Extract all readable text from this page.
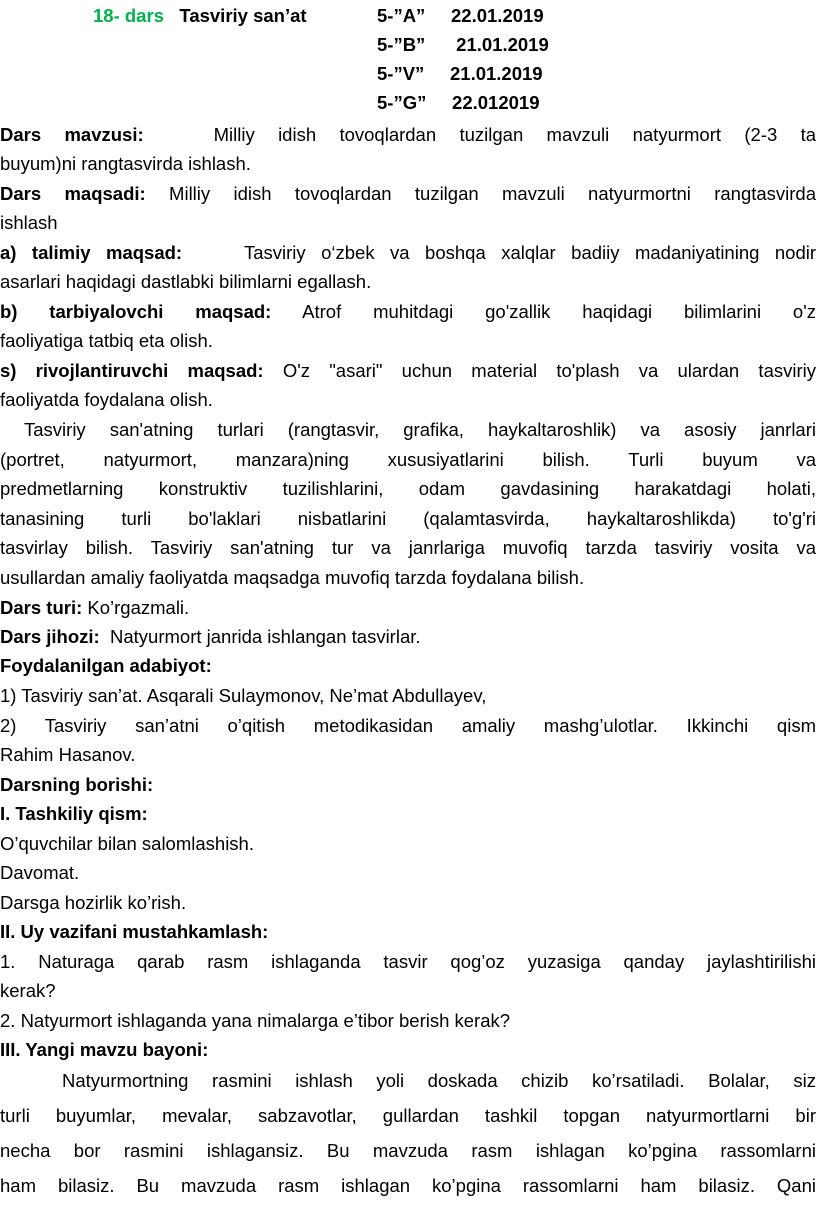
18- dars Tasviriy san’at	5-”A” 22.01.2019
5-”B” 21.01.2019
5-”V” 21.01.2019
5-”G” 22.012019
Dars mavzusi:	Milliy idish tovoqlardan tuzilgan mavzuli natyurmort (2-3 ta
buyum)ni rangtasvirda ishlash.
Dars maqsadi: Milliy idish tovoqlardan tuzilgan mavzuli natyurmortni rangtasvirda
ishlash
a) talimiy maqsad:	Tasviriy o‘zbek va boshqa xalqlar badiiy madaniyatining nodir
asarlari haqidagi dastlabki bilimlarni egallash.
b) tarbiyalovchi maqsad: Atrof muhitdagi go'zallik haqidagi bilimlarini o'z
faoliyatiga tatbiq eta olish.
s) rivojlantiruvchi maqsad: O'z "asari" uchun material to'plash va ulardan tasviriy
faoliyatda foydalana olish.
Tasviriy san'atning turlari (rangtasvir, grafika, haykaltaroshlik) va asosiy janrlari
(portret, natyurmort, manzara)ning xususiyatlarini bilish. Turli buyum va
predmetlarning konstruktiv tuzilishlarini, odam gavdasining harakatdagi holati,
tanasining turli bo'laklari nisbatlarini (qalamtasvirda, haykaltaroshlikda) to'g'ri
tasvirlay bilish. Tasviriy san'atning tur va janrlariga muvofiq tarzda tasviriy vosita va
usullardan amaliy faoliyatda maqsadga muvofiq tarzda foydalana bilish.
Dars turi: Ko’rgazmali.
Dars jihozi: Natyurmort janrida ishlangan tasvirlar.
Foydalanilgan adabiyot:
1) Tasviriy san’at. Asqarali Sulaymonov, Ne’mat Abdullayev,
2) Tasviriy san’atni o’qitish metodikasidan amaliy mashg’ulotlar. Ikkinchi qism
Rahim Hasanov.
Darsning borishi:
I. Tashkiliy qism:
O’quvchilar bilan salomlashish.
Davomat.
Darsga hozirlik ko’rish.
II. Uy vazifani mustahkamlash:
1. Naturaga qarab rasm ishlaganda tasvir qog’oz yuzasiga qanday jaylashtirilishi
kerak?
2. Natyurmort ishlaganda yana nimalarga e’tibor berish kerak?
III. Yangi mavzu bayoni:
Natyurmortning rasmini ishlash yoli doskada chizib ko’rsatiladi. Bolalar, siz
turli buyumlar, mevalar, sabzavotlar, gullardan tashkil topgan natyurmortlarni bir
necha bor rasmini ishlagansiz. Bu mavzuda rasm ishlagan ko’pgina rassomlarni
ham bilasiz. Bu mavzuda rasm ishlagan ko’pgina rassomlarni ham bilasiz. Qani
